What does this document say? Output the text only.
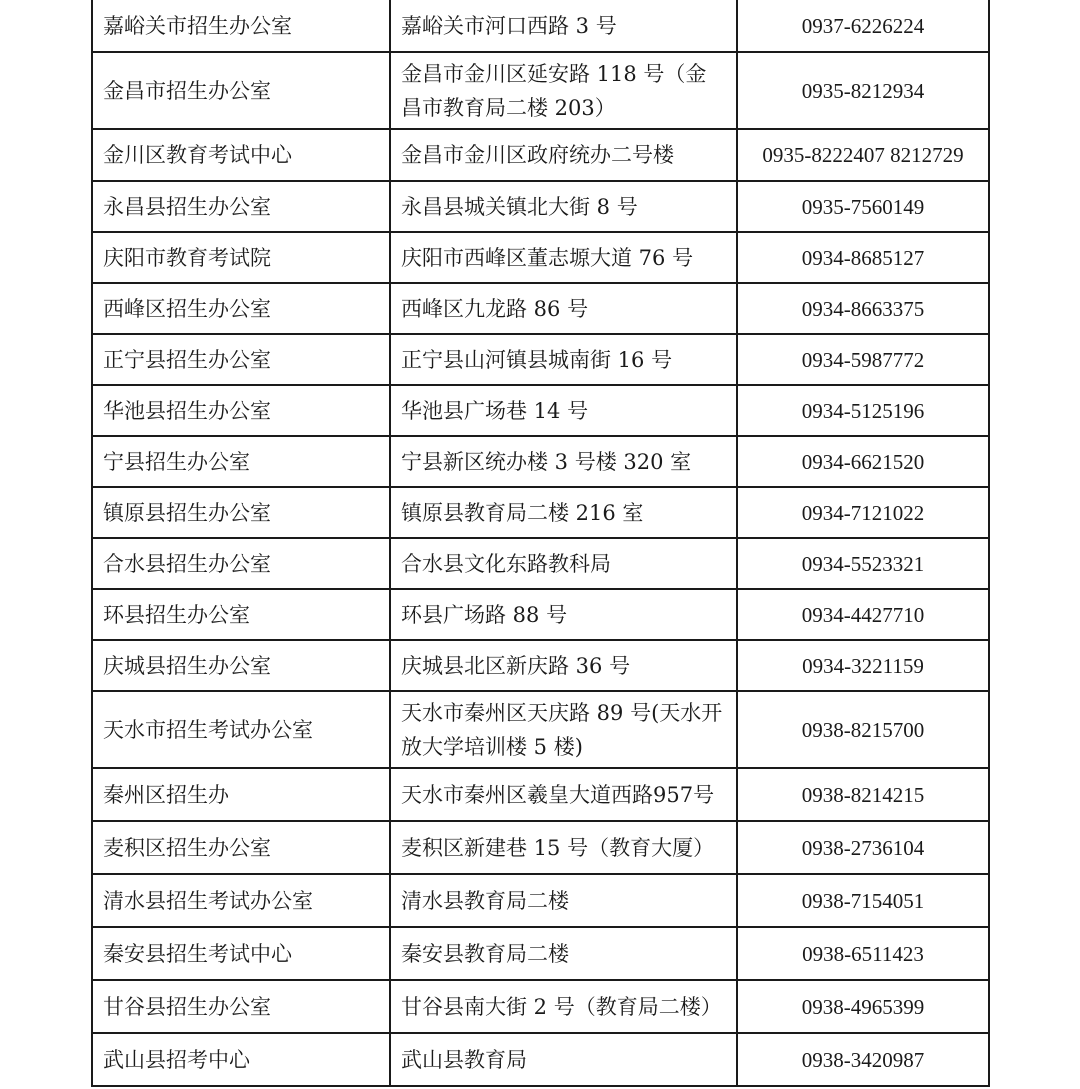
嘉峪关市招生办公室	嘉峪关市河口西路 3 号	0937-6226224
金昌市招生办公室	金昌市金川区延安路 118 号（金昌市教育局二楼 203）	0935-8212934
金川区教育考试中心	金昌市金川区政府统办二号楼	0935-8222407 8212729
永昌县招生办公室	永昌县城关镇北大街 8 号	0935-7560149
庆阳市教育考试院	庆阳市西峰区董志塬大道 76 号	0934-8685127
西峰区招生办公室	西峰区九龙路 86 号	0934-8663375
正宁县招生办公室	正宁县山河镇县城南街 16 号	0934-5987772
华池县招生办公室	华池县广场巷 14 号	0934-5125196
宁县招生办公室	宁县新区统办楼 3 号楼 320 室	0934-6621520
镇原县招生办公室	镇原县教育局二楼 216 室	0934-7121022
合水县招生办公室	合水县文化东路教科局	0934-5523321
环县招生办公室	环县广场路 88 号	0934-4427710
庆城县招生办公室	庆城县北区新庆路 36 号	0934-3221159
天水市招生考试办公室	天水市秦州区天庆路 89 号(天水开放大学培训楼 5 楼)	0938-8215700
秦州区招生办	天水市秦州区羲皇大道西路957号	0938-8214215
麦积区招生办公室	麦积区新建巷 15 号（教育大厦）	0938-2736104
清水县招生考试办公室	清水县教育局二楼	0938-7154051
秦安县招生考试中心	秦安县教育局二楼	0938-6511423
甘谷县招生办公室	甘谷县南大街 2 号（教育局二楼）	0938-4965399
武山县招考中心	武山县教育局	0938-3420987
